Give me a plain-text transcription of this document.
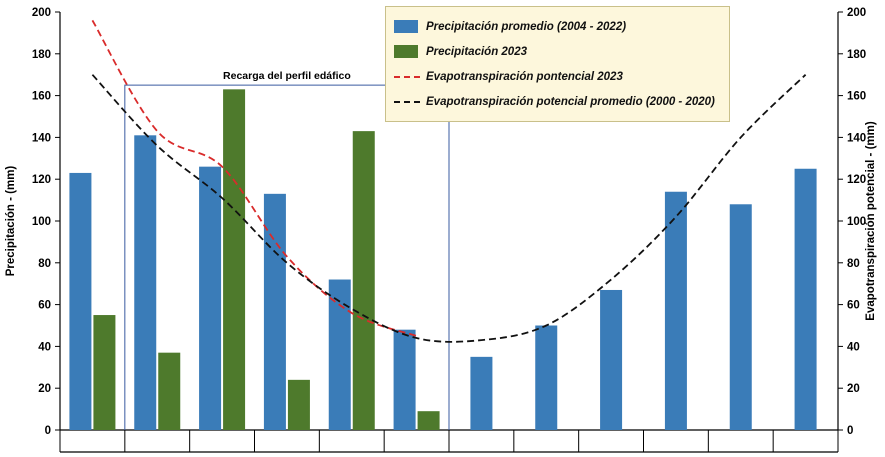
0
20
40
60
80
100
120
140
160
180
200
0
20
40
60
80
100
120
140
160
180
200
Precipitación - (mm)	Evapotranspiración potencial - (mm)
Recarga del perfil edáfico
Precipitación promedio (2004 - 2022)
Precipitación 2023
Evapotranspiración pontencial 2023
Evapotranspiración potencial promedio (2000 - 2020)
